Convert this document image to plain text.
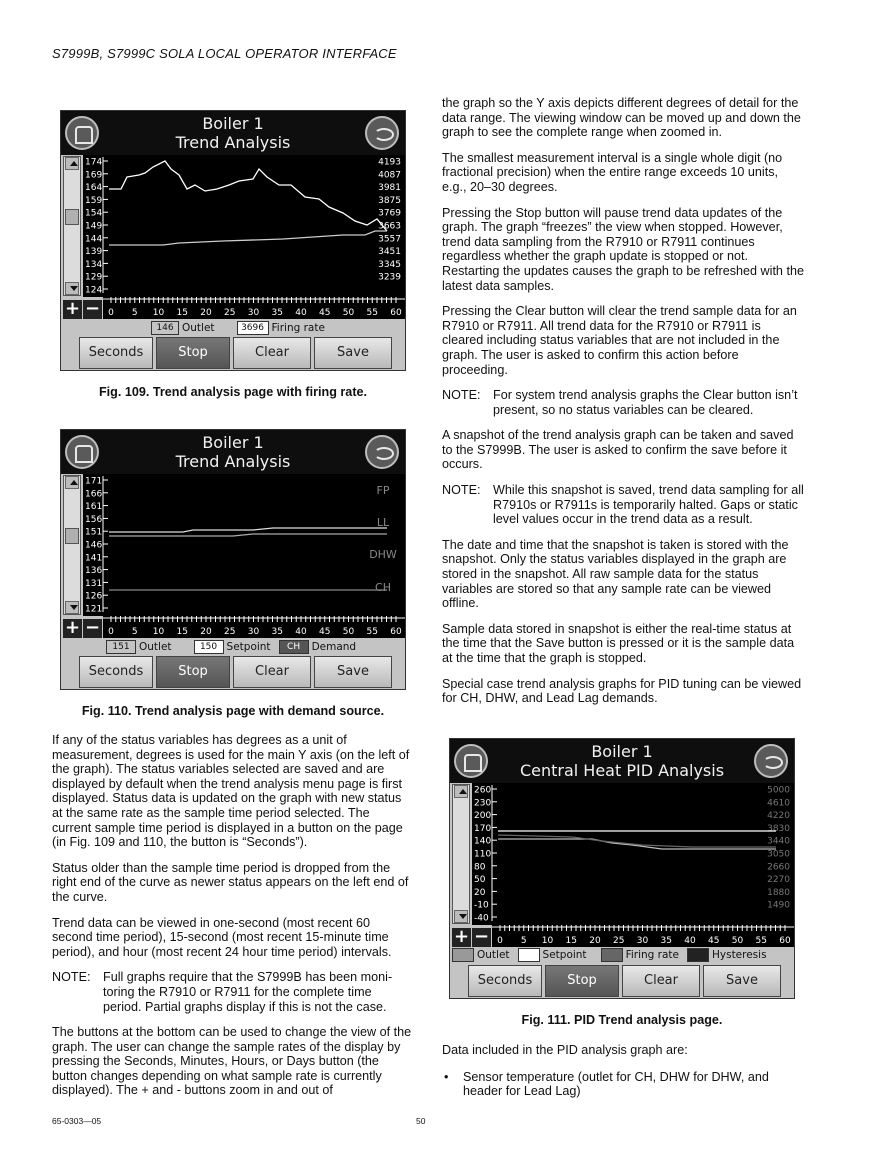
S7999B, S7999C SOLA LOCAL OPERATOR INTERFACE
Boiler 1
Trend Analysis
174
169
164
159
154
149
144
139
134
129
124
4193
4087
3981
3875
3769
3663
3557
3451
3345
3239
+ − 0 5 10 15 20 25 30 35 40 45 50 55 60
146 Outlet	3696 Firing rate
Seconds	Stop	Clear	Save
Fig. 109. Trend analysis page with firing rate.
Boiler 1
Trend Analysis
171
166
161
156
151
146
141
136
131
126
121
FP
LL
DHW
CH
+ − 0 5 10 15 20 25 30 35 40 45 50 55 60
151 Outlet	150 Setpoint	CH	Demand
Seconds	Stop	Clear	Save
Fig. 110. Trend analysis page with demand source.
Boiler 1
Central Heat PID Analysis
260
230
200
170
140
110
80
50
20
-10
-40
5000
4610
4220
3830
3440
3050
2660
2270
1880
1490
+ − 0 5 10 15 20 25 30 35 40 45 50 55 60
Outlet	Setpoint	Firing rate	Hysteresis
Seconds	Stop	Clear	Save
Fig. 111. PID Trend analysis page.

If any of the status variables has degrees as a unit of measurement, degrees is used for the main Y axis (on the left of the graph). The status variables selected are saved and are displayed by default when the trend analysis menu page is first displayed. Status data is updated on the graph with new status at the same rate as the sample time period selected. The current sample time period is displayed in a button on the page (in Fig. 109 and 110, the button is “Seconds”).

Status older than the sample time period is dropped from the right end of the curve as newer status appears on the left end of the curve.

Trend data can be viewed in one-second (most recent 60 second time period), 15-second (most recent 15-minute time period), and hour (most recent 24 hour time period) intervals.

NOTE: Full graphs require that the S7999B has been moni-toring the R7910 or R7911 for the complete time period. Partial graphs display if this is not the case.

The buttons at the bottom can be used to change the view of the graph. The user can change the sample rates of the display by pressing the Seconds, Minutes, Hours, or Days button (the button changes depending on what sample rate is currently displayed). The + and - buttons zoom in and out of

the graph so the Y axis depicts different degrees of detail for the data range. The viewing window can be moved up and down the graph to see the complete range when zoomed in.

The smallest measurement interval is a single whole digit (no fractional precision) when the entire range exceeds 10 units, e.g., 20–30 degrees.

Pressing the Stop button will pause trend data updates of the graph. The graph “freezes” the view when stopped. However, trend data sampling from the R7910 or R7911 continues regardless whether the graph update is stopped or not. Restarting the updates causes the graph to be refreshed with the latest data samples.

Pressing the Clear button will clear the trend sample data for an R7910 or R7911. All trend data for the R7910 or R7911 is cleared including status variables that are not included in the graph. The user is asked to confirm this action before proceeding.

NOTE: For system trend analysis graphs the Clear button isn’t present, so no status variables can be cleared.

A snapshot of the trend analysis graph can be taken and saved to the S7999B. The user is asked to confirm the save before it occurs.

NOTE: While this snapshot is saved, trend data sampling for all R7910s or R7911s is temporarily halted. Gaps or static level values occur in the trend data as a result.

The date and time that the snapshot is taken is stored with the snapshot. Only the status variables displayed in the graph are stored in the snapshot. All raw sample data for the status variables are stored so that any sample rate can be viewed offline.

Sample data stored in snapshot is either the real-time status at the time that the Save button is pressed or it is the sample data at the time that the graph is stopped.

Special case trend analysis graphs for PID tuning can be viewed for CH, DHW, and Lead Lag demands.

Data included in the PID analysis graph are:

•	Sensor temperature (outlet for CH, DHW for DHW, and header for Lead Lag)
65-0303—05	50
